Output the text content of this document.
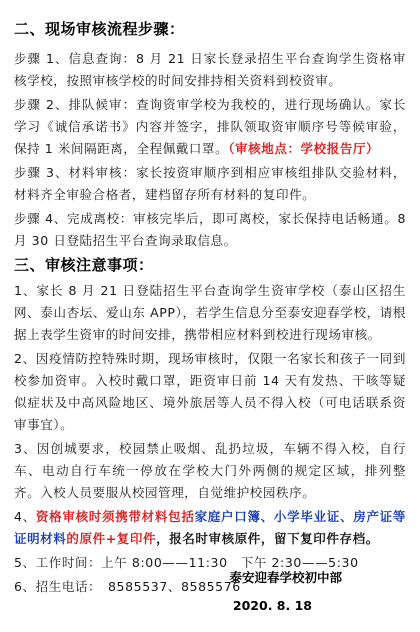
二、现场审核流程步骤：

步骤 1、信息查询：8 月 21 日家长登录招生平台查询学生资格审核学校，按照审核学校的时间安排持相关资料到校资审。

步骤 2、排队候审：查询资审学校为我校的，进行现场确认。家长学习《诚信承诺书》内容并签字，排队领取资审顺序号等候审验，保持 1 米间隔距离，全程佩戴口罩。（审核地点：学校报告厅）

步骤 3、材料审核：家长按资审顺序到相应审核组排队交验材料，材料齐全审验合格者，建档留存所有材料的复印件。

步骤 4、完成离校：审核完毕后，即可离校，家长保持电话畅通。8 月 30 日登陆招生平台查询录取信息。

三、审核注意事项：

1、家长 8 月 21 日登陆招生平台查询学生资审学校（泰山区招生网、泰山杏坛、爱山东 APP），若学生信息分至泰安迎春学校，请根据上表学生资审的时间安排，携带相应材料到校进行现场审核。

2、因疫情防控特殊时期，现场审核时，仅限一名家长和孩子一同到校参加资审。入校时戴口罩，距资审日前 14 天有发热、干咳等疑似症状及中高风险地区、境外旅居等人员不得入校（可电话联系资审事宜）。

3、因创城要求，校园禁止吸烟、乱扔垃圾，车辆不得入校，自行车、电动自行车统一停放在学校大门外两侧的规定区域，排列整齐。入校人员要服从校园管理，自觉维护校园秩序。

4、资格审核时须携带材料包括家庭户口簿、小学毕业证、房产证等证明材料的原件+复印件，报名时审核原件，留下复印件存档。

5、工作时间：上午 8:00——11:30　下午 2:30——5:30

6、招生电话：　8585537、8585576

泰安迎春学校初中部
2020. 8. 18
